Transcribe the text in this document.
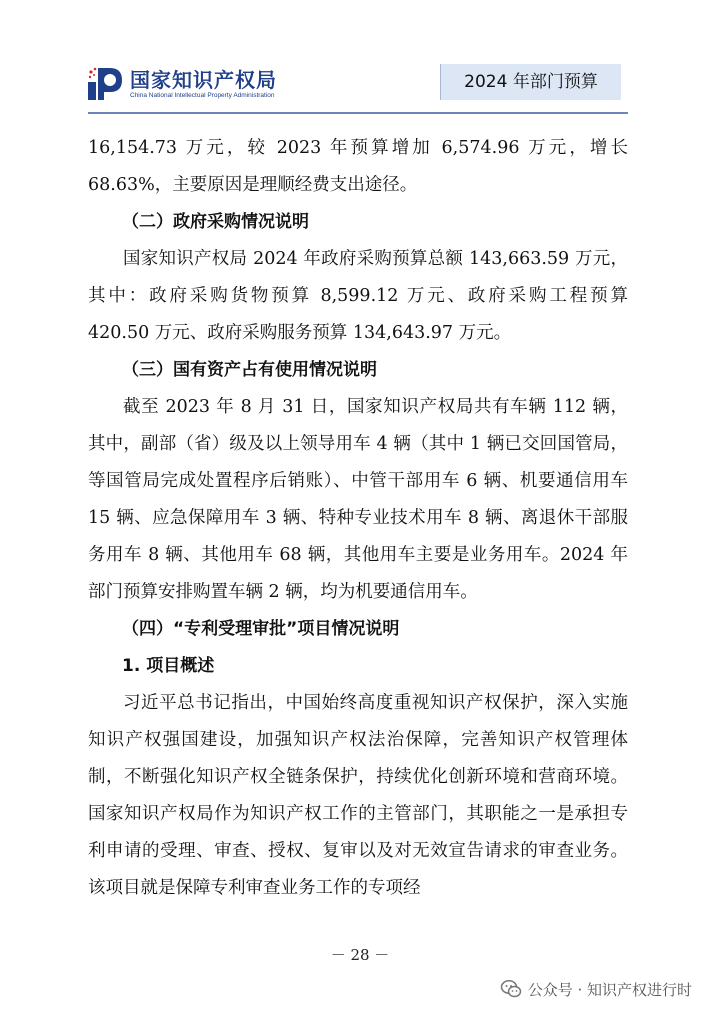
国家知识产权局
China National Intellectual Property Administration
2024 年部门预算

16,154.73 万元，较 2023 年预算增加 6,574.96 万元，增长 68.63%，主要原因是理顺经费支出途径。

（二）政府采购情况说明

国家知识产权局 2024 年政府采购预算总额 143,663.59 万元，其中：政府采购货物预算 8,599.12 万元、政府采购工程预算 420.50 万元、政府采购服务预算 134,643.97 万元。

（三）国有资产占有使用情况说明

截至 2023 年 8 月 31 日，国家知识产权局共有车辆 112 辆，其中，副部（省）级及以上领导用车 4 辆（其中 1 辆已交回国管局，等国管局完成处置程序后销账）、中管干部用车 6 辆、机要通信用车 15 辆、应急保障用车 3 辆、特种专业技术用车 8 辆、离退休干部服务用车 8 辆、其他用车 68 辆，其他用车主要是业务用车。2024 年部门预算安排购置车辆 2 辆，均为机要通信用车。

（四）“专利受理审批”项目情况说明

1. 项目概述

习近平总书记指出，中国始终高度重视知识产权保护，深入实施知识产权强国建设，加强知识产权法治保障，完善知识产权管理体制，不断强化知识产权全链条保护，持续优化创新环境和营商环境。国家知识产权局作为知识产权工作的主管部门，其职能之一是承担专利申请的受理、审查、授权、复审以及对无效宣告请求的审查业务。该项目就是保障专利审查业务工作的专项经

－ 28 －
公众号 · 知识产权进行时
